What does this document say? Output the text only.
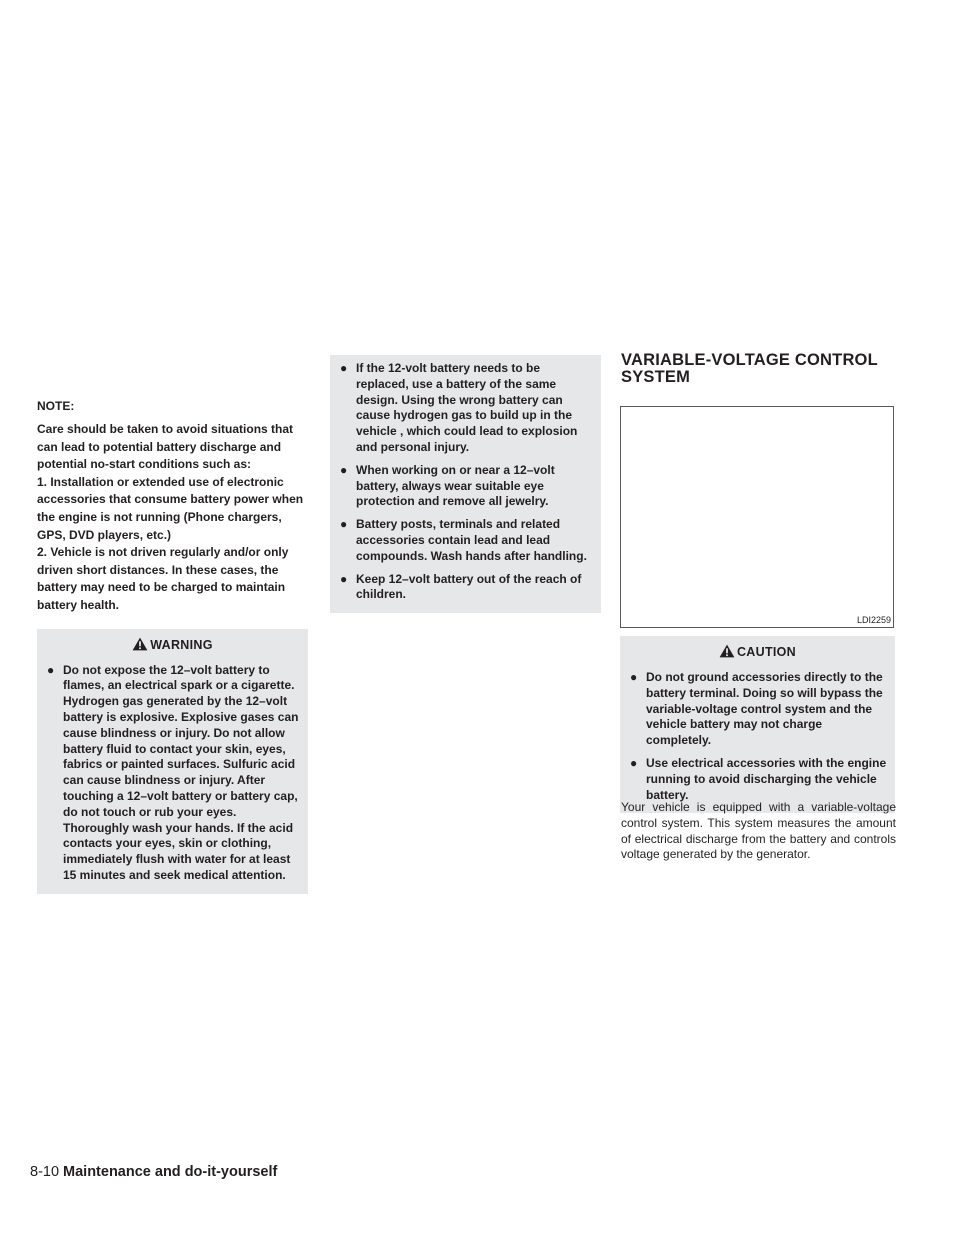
NOTE:

Care should be taken to avoid situations that can lead to potential battery discharge and potential no-start conditions such as:

1. Installation or extended use of electronic accessories that consume battery power when the engine is not running (Phone chargers, GPS, DVD players, etc.)

2. Vehicle is not driven regularly and/or only driven short distances. In these cases, the battery may need to be charged to maintain battery health.

WARNING
● Do not expose the 12–volt battery to flames, an electrical spark or a cigarette. Hydrogen gas generated by the 12–volt battery is explosive. Explosive gases can cause blindness or injury. Do not allow battery fluid to contact your skin, eyes, fabrics or painted surfaces. Sulfuric acid can cause blindness or injury. After touching a 12–volt battery or battery cap, do not touch or rub your eyes. Thoroughly wash your hands. If the acid contacts your eyes, skin or clothing, immediately flush with water for at least 15 minutes and seek medical attention.
● If the 12-volt battery needs to be replaced, use a battery of the same design. Using the wrong battery can cause hydrogen gas to build up in the vehicle , which could lead to explosion and personal injury.
● When working on or near a 12–volt battery, always wear suitable eye protection and remove all jewelry.
● Battery posts, terminals and related accessories contain lead and lead compounds. Wash hands after handling.
● Keep 12–volt battery out of the reach of children.
VARIABLE-VOLTAGE CONTROL SYSTEM
LDI2259
CAUTION
● Do not ground accessories directly to the battery terminal. Doing so will bypass the variable-voltage control system and the vehicle battery may not charge completely.
● Use electrical accessories with the engine running to avoid discharging the vehicle battery.
Your vehicle is equipped with a variable-voltage control system. This system measures the amount of electrical discharge from the battery and controls voltage generated by the generator.
8-10 Maintenance and do-it-yourself
